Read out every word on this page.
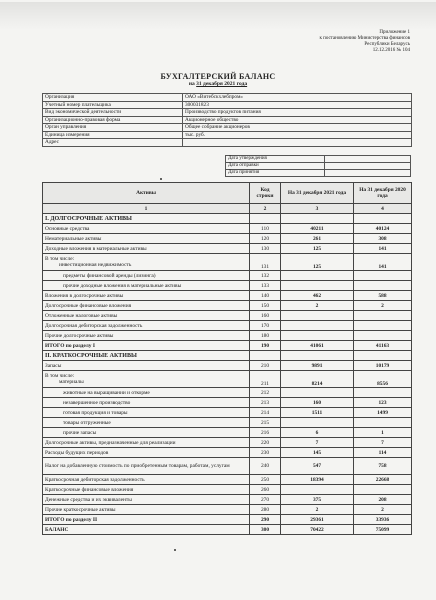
Приложение 1
к постановлению Министерства финансов
Республики Беларусь
12.12.2016 № 104
БУХГАЛТЕРСКИЙ БАЛАНС
на 31 декабря 2021 года
Организация	ОАО «Витебскхлебпром»
Учетный номер плательщика	300031823
Вид экономической деятельности	Производство продуктов питания
Организационно-правовая форма	Акционерное общество
Орган управления	Общее собрание акционеров
Единица измерения	тыс. руб.
Адрес	
Дата утверждения	
Дата отправки	
Дата принятия	
Активы	Код строки	На 31 декабря 2021 года	На 31 декабря 2020 года
1	2	3	4
I. ДОЛГОСРОЧНЫЕ АКТИВЫ			
Основные средства	110	40211	40124
Нематериальные активы	120	261	308
Доходные вложения в материальные активы	130	125	141

В том числе:
инвестиционная недвижимость	131	125	141
предметы финансовой аренды (лизинга)	132		
прочие доходные вложения в материальные активы	133		
Вложения в долгосрочные активы	140	462	588
Долгосрочные финансовые вложения	150	2	2
Отложенные налоговые активы	160		
Долгосрочная дебиторская задолженность	170		
Прочие долгосрочные активы	180		
ИТОГО по разделу I	190	41061	41163
II. КРАТКОСРОЧНЫЕ АКТИВЫ			
Запасы	210	9891	10179

В том числе:
материалы	211	8214	8556
животные на выращивании и откорме	212		
незавершенное производство	213	160	123
готовая продукция и товары	214	1511	1499
товары отгруженные	215		
прочие запасы	216	6	1
Долгосрочные активы, предназначенные для реализации	220	7	7
Расходы будущих периодов	230	145	114
Налог на добавленную стоимость по приобретенным товарам, работам, услугам	240	547	758
Краткосрочная дебиторская задолженность	250	18394	22668
Краткосрочные финансовые вложения	260		
Денежные средства и их эквиваленты	270	375	208
Прочие краткосрочные активы	280	2	2
ИТОГО по разделу II	290	29361	33936
БАЛАНС	300	70422	75099
